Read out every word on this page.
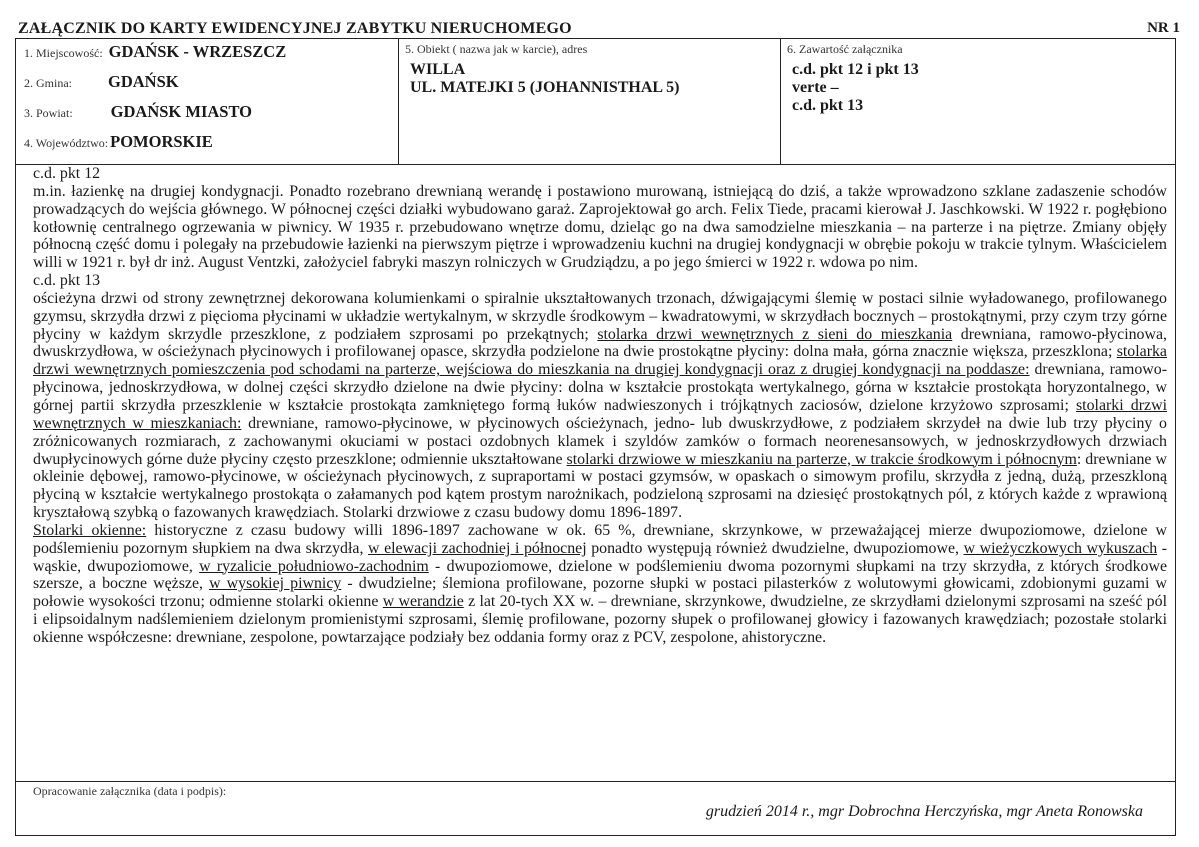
ZAŁĄCZNIK DO KARTY EWIDENCYJNEJ ZABYTKU NIERUCHOMEGO	NR 1
1. Miejscowość: GDAŃSK - WRZESZCZ
2. Gmina: GDAŃSK
3. Powiat: GDAŃSK MIASTO
4. Województwo: POMORSKIE
5. Obiekt ( nazwa jak w karcie), adres
WILLA
UL. MATEJKI 5 (JOHANNISTHAL 5)
6. Zawartość załącznika
c.d. pkt 12 i pkt 13
verte –
c.d. pkt 13

c.d. pkt 12

m.in. łazienkę na drugiej kondygnacji. Ponadto rozebrano drewnianą werandę i postawiono murowaną, istniejącą do dziś, a także wprowadzono szklane zadaszenie schodów prowadzących do wejścia głównego. W północnej części działki wybudowano garaż. Zaprojektował go arch. Felix Tiede, pracami kierował J. Jaschkowski. W 1922 r. pogłębiono kotłownię centralnego ogrzewania w piwnicy. W 1935 r. przebudowano wnętrze domu, dzieląc go na dwa samodzielne mieszkania – na parterze i na piętrze. Zmiany objęły północną część domu i polegały na przebudowie łazienki na pierwszym piętrze i wprowadzeniu kuchni na drugiej kondygnacji w obrębie pokoju w trakcie tylnym. Właścicielem willi w 1921 r. był dr inż. August Ventzki, założyciel fabryki maszyn rolniczych w Grudziądzu, a po jego śmierci w 1922 r. wdowa po nim.

c.d. pkt 13

ościeżyna drzwi od strony zewnętrznej dekorowana kolumienkami o spiralnie ukształtowanych trzonach, dźwigającymi ślemię w postaci silnie wyładowanego, profilowanego gzymsu, skrzydła drzwi z pięcioma płycinami w układzie wertykalnym, w skrzydle środkowym – kwadratowymi, w skrzydłach bocznych – prostokątnymi, przy czym trzy górne płyciny w każdym skrzydle przeszklone, z podziałem szprosami po przekątnych; stolarka drzwi wewnętrznych z sieni do mieszkania drewniana, ramowo-płycinowa, dwuskrzydłowa, w ościeżynach płycinowych i profilowanej opasce, skrzydła podzielone na dwie prostokątne płyciny: dolna mała, górna znacznie większa, przeszklona; stolarka drzwi wewnętrznych pomieszczenia pod schodami na parterze, wejściowa do mieszkania na drugiej kondygnacji oraz z drugiej kondygnacji na poddasze: drewniana, ramowo-płycinowa, jednoskrzydłowa, w dolnej części skrzydło dzielone na dwie płyciny: dolna w kształcie prostokąta wertykalnego, górna w kształcie prostokąta horyzontalnego, w górnej partii skrzydła przeszklenie w kształcie prostokąta zamkniętego formą łuków nadwieszonych i trójkątnych zaciosów, dzielone krzyżowo szprosami; stolarki drzwi wewnętrznych w mieszkaniach: drewniane, ramowo-płycinowe, w płycinowych ościeżynach, jedno- lub dwuskrzydłowe, z podziałem skrzydeł na dwie lub trzy płyciny o zróżnicowanych rozmiarach, z zachowanymi okuciami w postaci ozdobnych klamek i szyldów zamków o formach neorenesansowych, w jednoskrzydłowych drzwiach dwupłycinowych górne duże płyciny często przeszklone; odmiennie ukształtowane stolarki drzwiowe w mieszkaniu na parterze, w trakcie środkowym i północnym: drewniane w okleinie dębowej, ramowo-płycinowe, w ościeżynach płycinowych, z supraportami w postaci gzymsów, w opaskach o simowym profilu, skrzydła z jedną, dużą, przeszkloną płyciną w kształcie wertykalnego prostokąta o załamanych pod kątem prostym narożnikach, podzieloną szprosami na dziesięć prostokątnych pól, z których każde z wprawioną kryształową szybką o fazowanych krawędziach. Stolarki drzwiowe z czasu budowy domu 1896-1897.

Stolarki okienne: historyczne z czasu budowy willi 1896-1897 zachowane w ok. 65 %, drewniane, skrzynkowe, w przeważającej mierze dwupoziomowe, dzielone w podślemieniu pozornym słupkiem na dwa skrzydła, w elewacji zachodniej i północnej ponadto występują również dwudzielne, dwupoziomowe, w wieżyczkowych wykuszach - wąskie, dwupoziomowe, w ryzalicie południowo-zachodnim - dwupoziomowe, dzielone w podślemieniu dwoma pozornymi słupkami na trzy skrzydła, z których środkowe szersze, a boczne węższe, w wysokiej piwnicy - dwudzielne; ślemiona profilowane, pozorne słupki w postaci pilasterków z wolutowymi głowicami, zdobionymi guzami w połowie wysokości trzonu; odmienne stolarki okienne w werandzie z lat 20-tych XX w. – drewniane, skrzynkowe, dwudzielne, ze skrzydłami dzielonymi szprosami na sześć pól i elipsoidalnym nadślemieniem dzielonym promienistymi szprosami, ślemię profilowane, pozorny słupek o profilowanej głowicy i fazowanych krawędziach; pozostałe stolarki okienne współczesne: drewniane, zespolone, powtarzające podziały bez oddania formy oraz z PCV, zespolone, ahistoryczne.

Opracowanie załącznika (data i podpis):
grudzień 2014 r., mgr Dobrochna Herczyńska, mgr Aneta Ronowska
